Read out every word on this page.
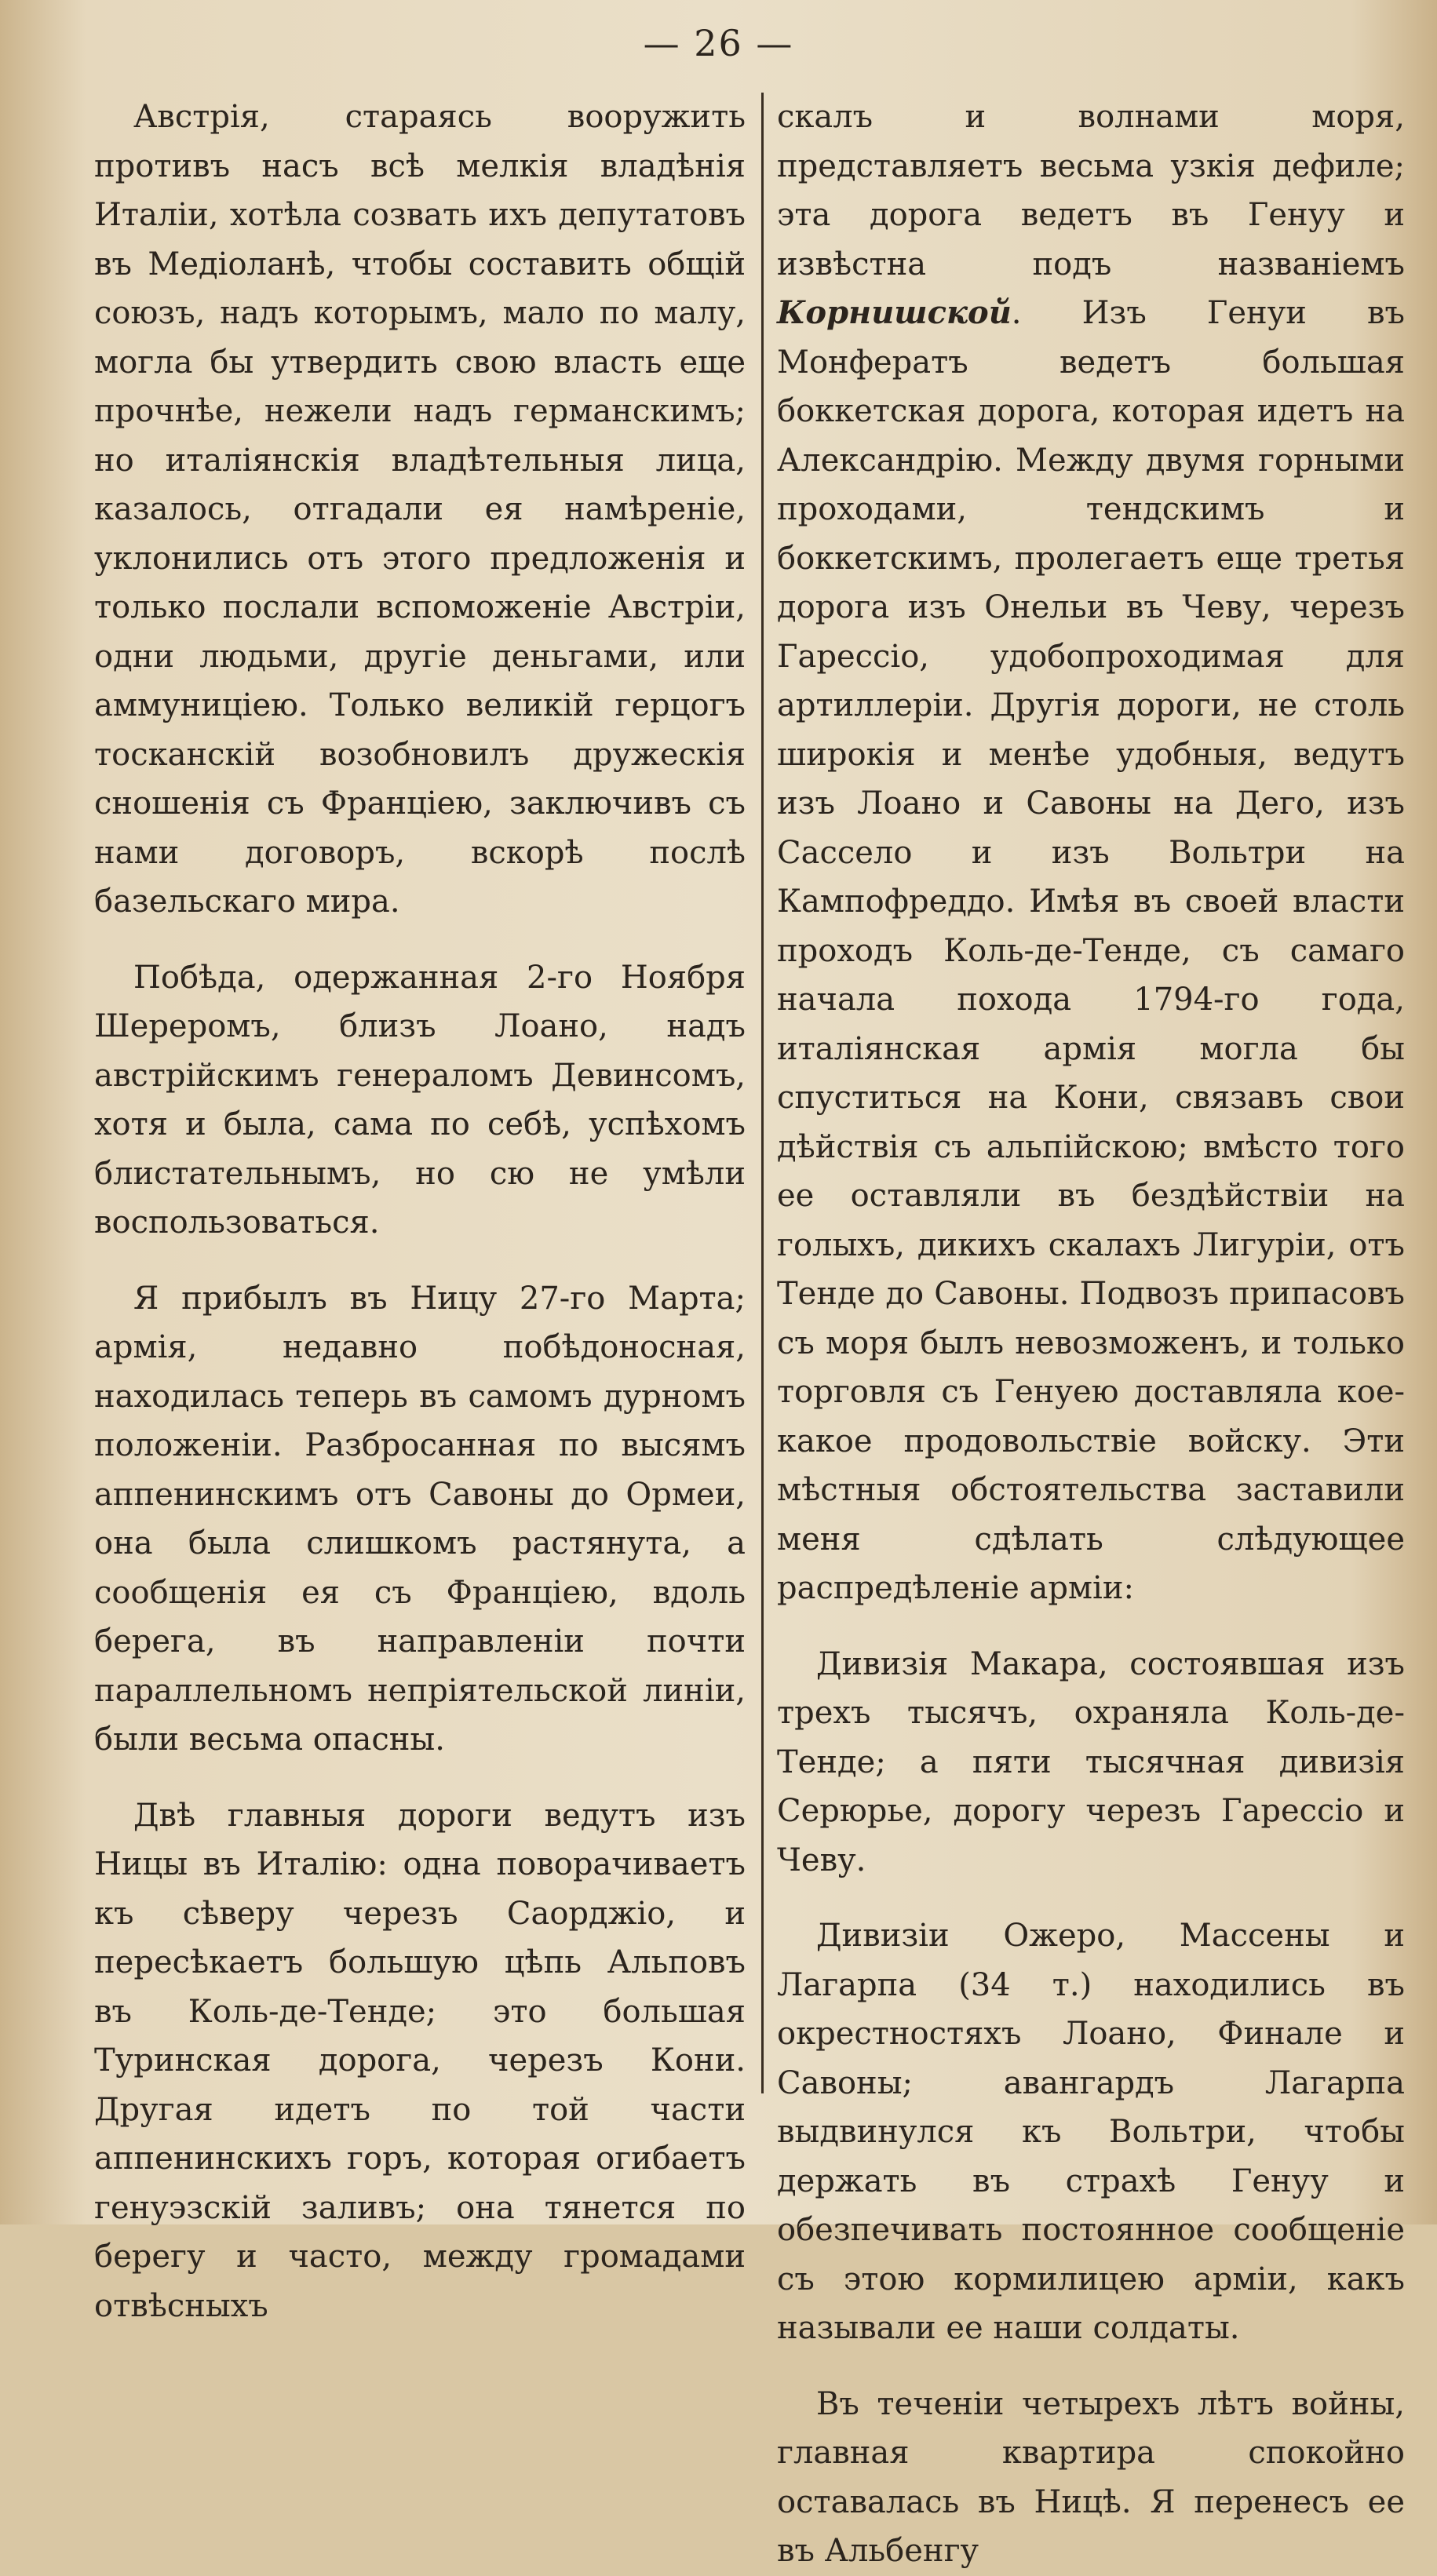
— 26 —

Австрія, стараясь вооружить противъ насъ всѣ мелкія владѣнія Италіи, хотѣла созвать ихъ депутатовъ въ Медіоланѣ, чтобы составить общій союзъ, надъ которымъ, мало по малу, могла бы утвердить свою власть еще прочнѣе, нежели надъ германскимъ; но италіянскія владѣтельныя лица, казалось, отгадали ея намѣреніе, уклонились отъ этого предложенія и только послали вспоможеніе Австріи, одни людьми, другіе деньгами, или аммуниціею. Только великій герцогъ тосканскій возобновилъ дружескія сношенія съ Франціею, заключивъ съ нами договоръ, вскорѣ послѣ базельскаго мира.

Побѣда, одержанная 2-го Ноября Шереромъ, близъ Лоано, надъ австрійскимъ генераломъ Девинсомъ, хотя и была, сама по себѣ, успѣхомъ блистательнымъ, но сю не умѣли воспользоваться.

Я прибылъ въ Ницу 27-го Марта; армія, недавно побѣдоносная, находилась теперь въ самомъ дурномъ положеніи. Разбросанная по высямъ аппенинскимъ отъ Савоны до Ормеи, она была слишкомъ растянута, а сообщенія ея съ Франціею, вдоль берега, въ направленіи почти параллельномъ непріятельской линіи, были весьма опасны.

Двѣ главныя дороги ведутъ изъ Ницы въ Италію: одна поворачиваетъ къ сѣверу черезъ Саорджіо, и пересѣкаетъ большую цѣпь Альповъ въ Коль-де-Тенде; это большая Туринская дорога, черезъ Кони. Другая идетъ по той части аппенинскихъ горъ, которая огибаетъ генуэзскій заливъ; она тянется по берегу и часто, между громадами отвѣсныхъ

скалъ и волнами моря, представляетъ весьма узкія дефиле; эта дорога ведетъ въ Генуу и извѣстна подъ названіемъ Корнишской. Изъ Генуи въ Монфератъ ведетъ большая боккетская дорога, которая идетъ на Александрію. Между двумя горными проходами, тендскимъ и боккетскимъ, пролегаетъ еще третья дорога изъ Онельи въ Чеву, черезъ Гарессіо, удобопроходимая для артиллеріи. Другія дороги, не столь широкія и менѣе удобныя, ведутъ изъ Лоано и Савоны на Дего, изъ Сассело и изъ Вольтри на Кампофреддо. Имѣя въ своей власти проходъ Коль-де-Тенде, съ самаго начала похода 1794-го года, италіянская армія могла бы спуститься на Кони, связавъ свои дѣйствія съ альпійскою; вмѣсто того ее оставляли въ бездѣйствіи на голыхъ, дикихъ скалахъ Лигуріи, отъ Тенде до Савоны. Подвозъ припасовъ съ моря былъ невозможенъ, и только торговля съ Генуею доставляла кое-какое продовольствіе войску. Эти мѣстныя обстоятельства заставили меня сдѣлать слѣдующее распредѣленіе арміи:

Дивизія Макара, состоявшая изъ трехъ тысячъ, охраняла Коль-де-Тенде; а пяти тысячная дивизія Серюрье, дорогу черезъ Гарессіо и Чеву.

Дивизіи Ожеро, Массены и Лагарпа (34 т.) находились въ окрестностяхъ Лоано, Финале и Савоны; авангардъ Лагарпа выдвинулся къ Вольтри, чтобы держать въ страхѣ Генуу и обезпечивать постоянное сообщеніе съ этою кормилицею арміи, какъ называли ее наши солдаты.

Въ теченіи четырехъ лѣтъ войны, главная квартира спокойно оставалась въ Ницѣ. Я перенесъ ее въ Альбенгу
